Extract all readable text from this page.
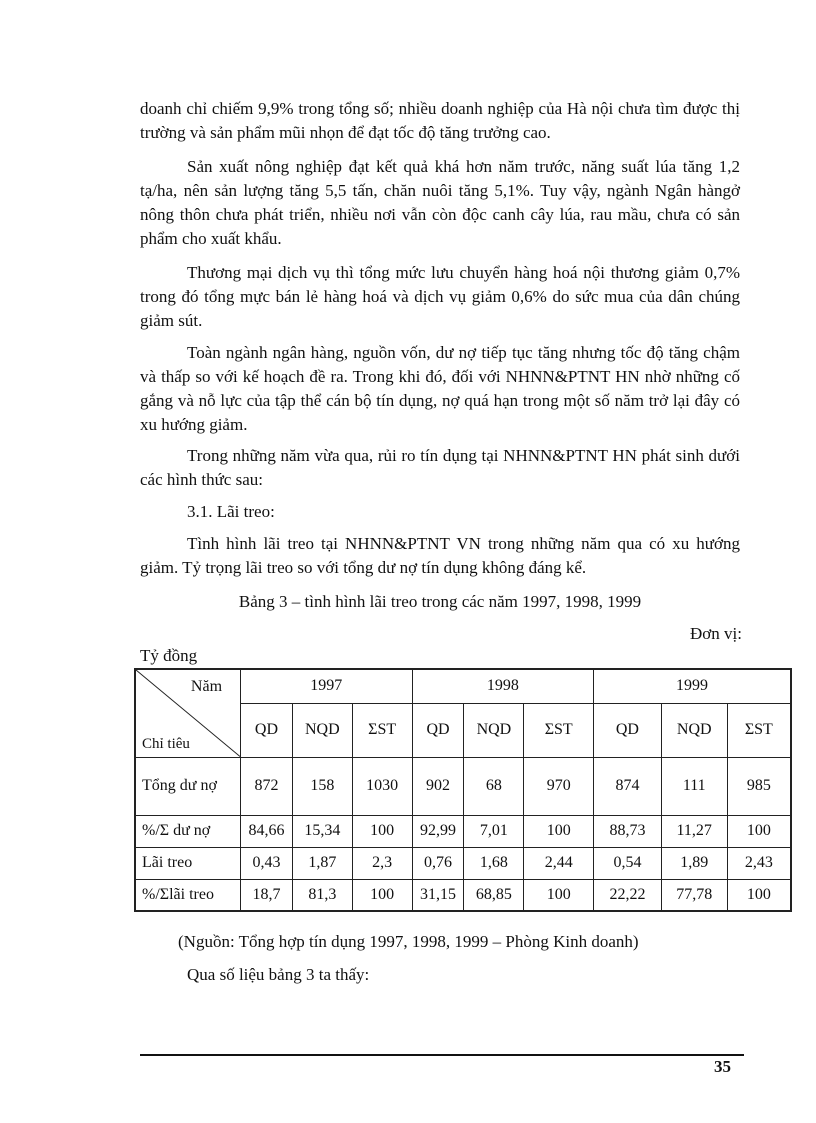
doanh chỉ chiếm 9,9% trong tổng số; nhiều doanh nghiệp của Hà nội chưa tìm được thị trường và sản phẩm mũi nhọn để đạt tốc độ tăng trưởng cao.

Sản xuất nông nghiệp đạt kết quả khá hơn năm trước, năng suất lúa tăng 1,2 tạ/ha, nên sản lượng tăng 5,5 tấn, chăn nuôi tăng 5,1%. Tuy vậy, ngành Ngân hàngở nông thôn chưa phát triển, nhiều nơi vẫn còn độc canh cây lúa, rau mầu, chưa có sản phẩm cho xuất khẩu.

Thương mại dịch vụ thì tổng mức lưu chuyển hàng hoá nội thương giảm 0,7% trong đó tổng mực bán lẻ hàng hoá và dịch vụ giảm 0,6% do sức mua của dân chúng giảm sút.

Toàn ngành ngân hàng, nguồn vốn, dư nợ tiếp tục tăng nhưng tốc độ tăng chậm và thấp so với kế hoạch đề ra. Trong khi đó, đối với NHNN&PTNT HN nhờ những cố gắng và nỗ lực của tập thể cán bộ tín dụng, nợ quá hạn trong một số năm trở lại đây có xu hướng giảm.

Trong những năm vừa qua, rủi ro tín dụng tại NHNN&PTNT HN phát sinh dưới các hình thức sau:

3.1. Lãi treo:

Tình hình lãi treo tại NHNN&PTNT VN trong những năm qua có xu hướng giảm. Tỷ trọng lãi treo so với tổng dư nợ tín dụng không đáng kể.

Bảng 3 – tình hình lãi treo trong các năm 1997, 1998, 1999
Đơn vị:
Tỷ đồng
Năm
Chỉ tiêu	1997			1998			1999		
	QD	NQD	ΣST	QD	NQD	ΣST	QD	NQD	ΣST
Tổng dư nợ	872	158	1030	902	68	970	874	111	985
%/Σ dư nợ	84,66	15,34	100	92,99	7,01	100	88,73	11,27	100
Lãi treo	0,43	1,87	2,3	0,76	1,68	2,44	0,54	1,89	2,43
%/Σlãi treo	18,7	81,3	100	31,15	68,85	100	22,22	77,78	100
(Nguồn: Tổng hợp tín dụng 1997, 1998, 1999 – Phòng Kinh doanh)
Qua số liệu bảng 3 ta thấy:
35
